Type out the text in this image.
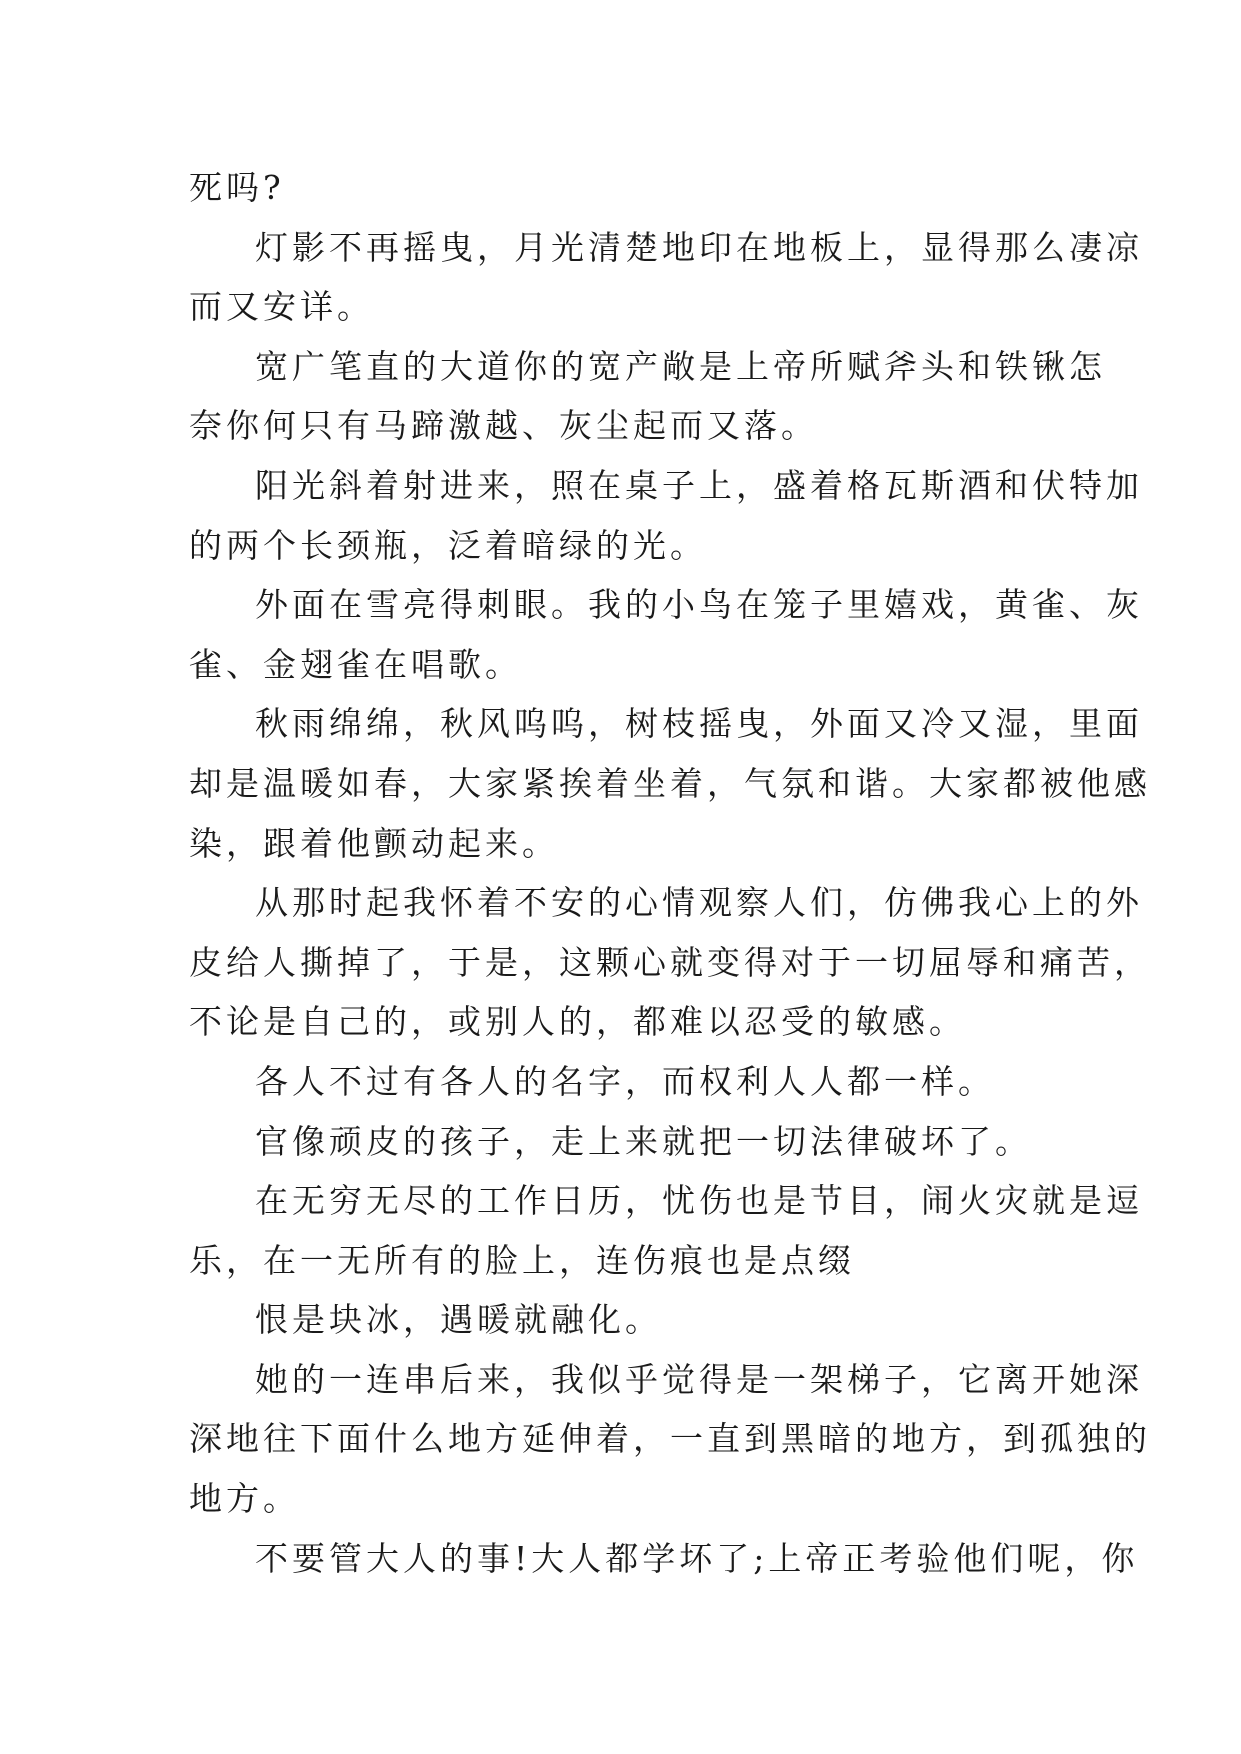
死吗?
灯影不再摇曳，月光清楚地印在地板上，显得那么凄凉
而又安详。
宽广笔直的大道你的宽产敞是上帝所赋斧头和铁锹怎
奈你何只有马蹄激越、灰尘起而又落。
阳光斜着射进来，照在桌子上，盛着格瓦斯酒和伏特加
的两个长颈瓶，泛着暗绿的光。
外面在雪亮得刺眼。我的小鸟在笼子里嬉戏，黄雀、灰
雀、金翅雀在唱歌。
秋雨绵绵，秋风呜呜，树枝摇曳，外面又冷又湿，里面
却是温暖如春，大家紧挨着坐着，气氛和谐。大家都被他感
染，跟着他颤动起来。
从那时起我怀着不安的心情观察人们，仿佛我心上的外
皮给人撕掉了，于是，这颗心就变得对于一切屈辱和痛苦，
不论是自己的，或别人的，都难以忍受的敏感。
各人不过有各人的名字，而权利人人都一样。
官像顽皮的孩子，走上来就把一切法律破坏了。
在无穷无尽的工作日历，忧伤也是节目，闹火灾就是逗
乐，在一无所有的脸上，连伤痕也是点缀
恨是块冰，遇暖就融化。
她的一连串后来，我似乎觉得是一架梯子，它离开她深
深地往下面什么地方延伸着，一直到黑暗的地方，到孤独的
地方。
不要管大人的事!大人都学坏了;上帝正考验他们呢，你
